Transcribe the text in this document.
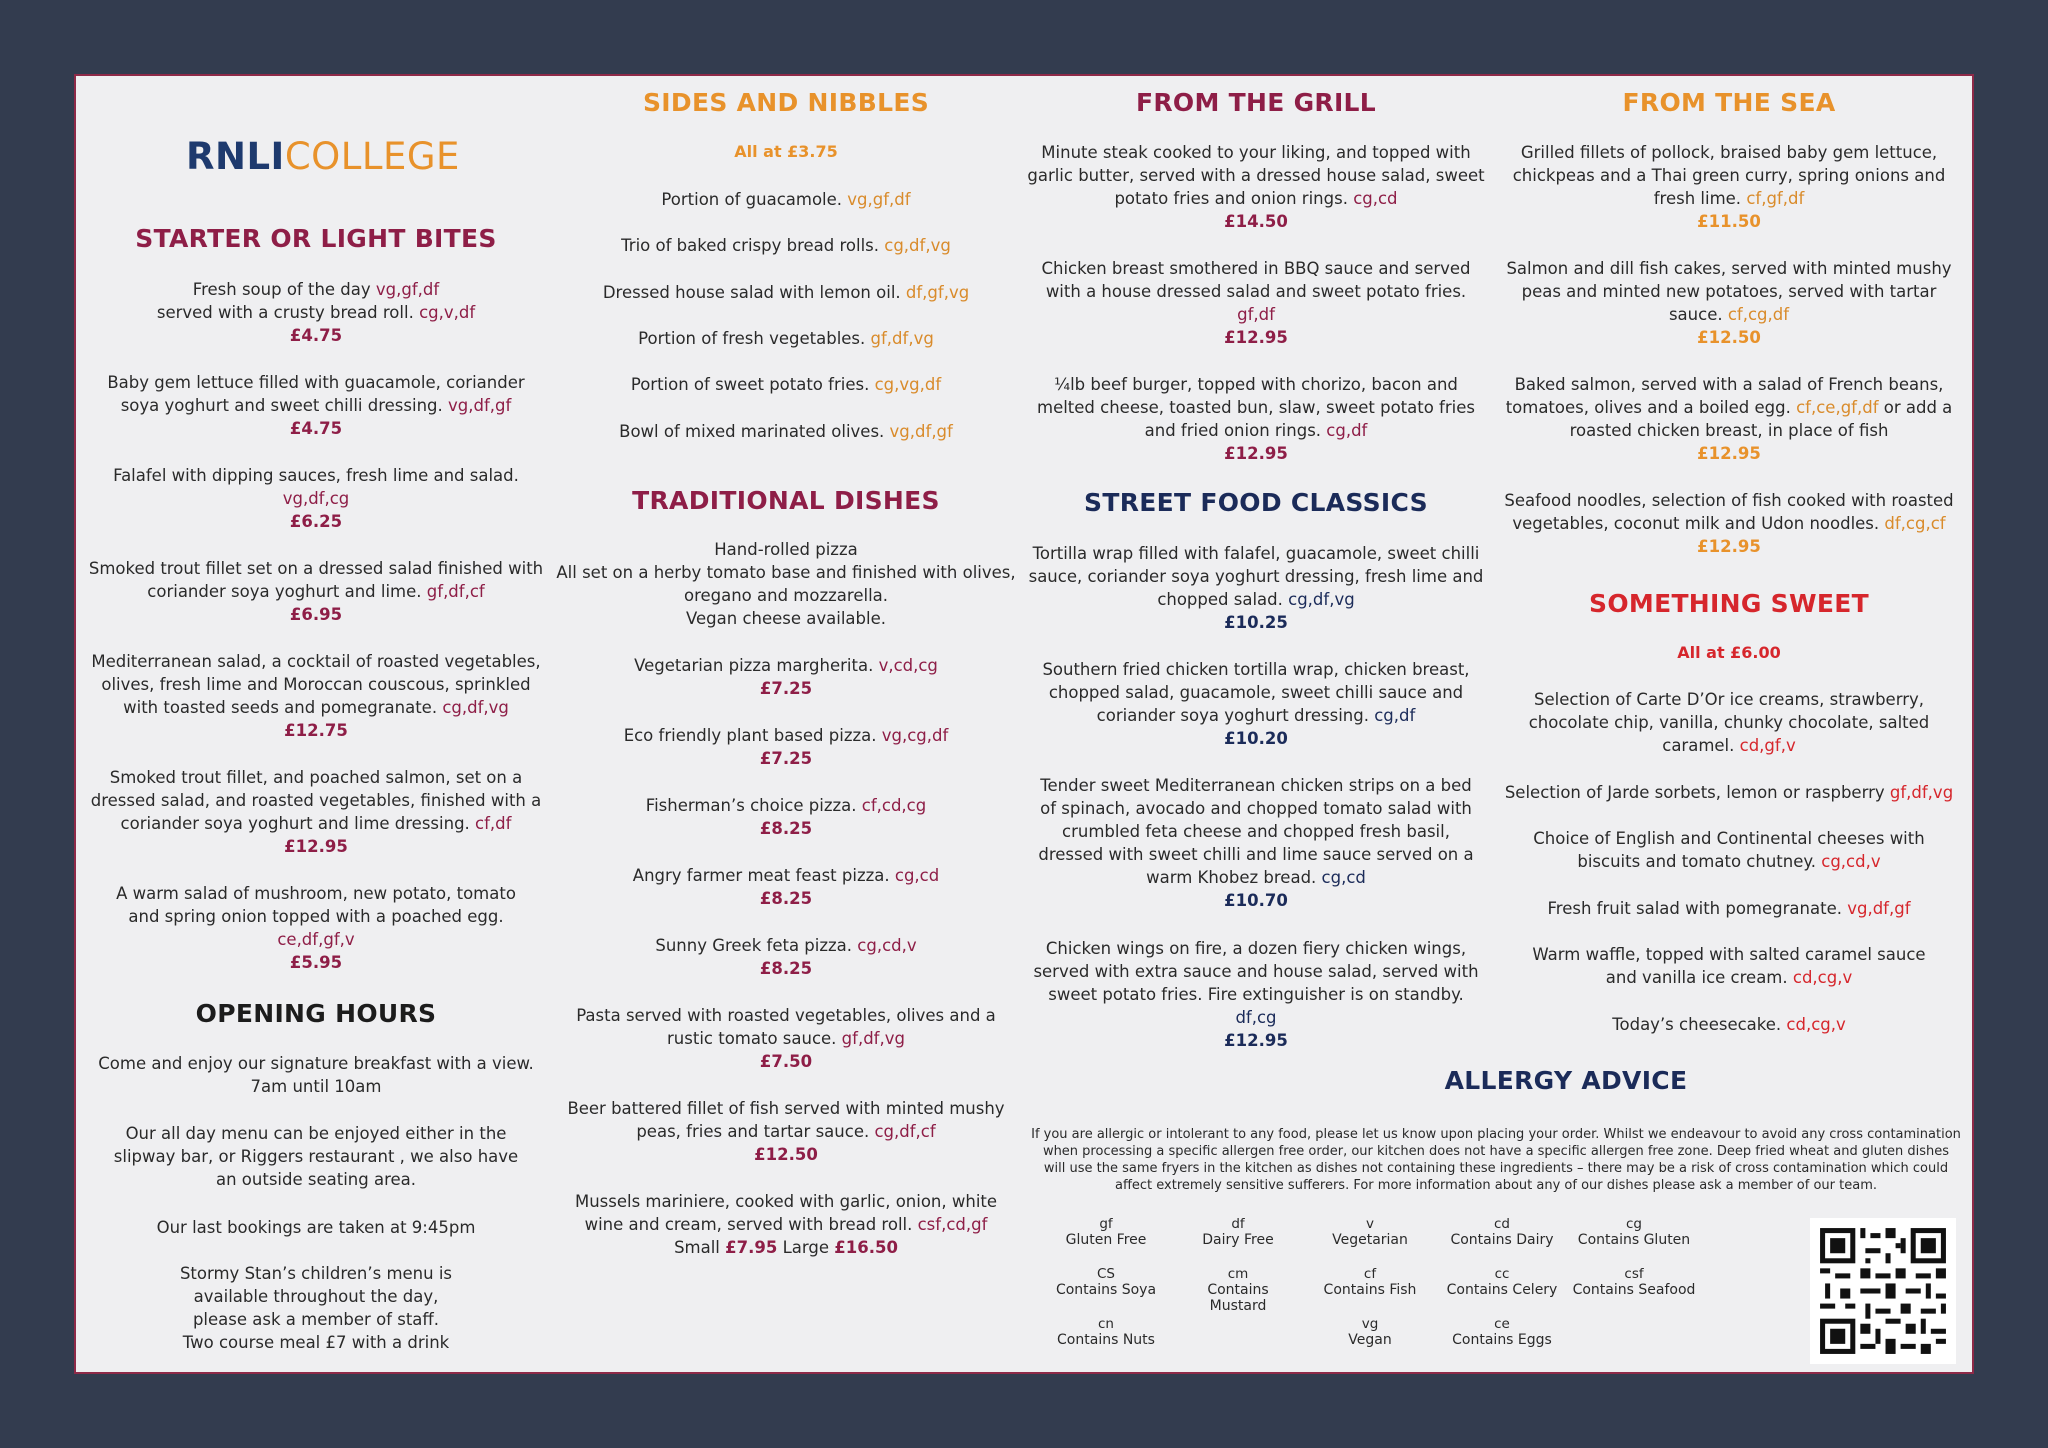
RNLICOLLEGE
STARTER OR LIGHT BITES

Fresh soup of the day vg,gf,df

served with a crusty bread roll. cg,v,df

£4.75

Baby gem lettuce filled with guacamole, coriander soya yoghurt and sweet chilli dressing. vg,df,gf

£4.75

Falafel with dipping sauces, fresh lime and salad.

vg,df,cg

£6.25

Smoked trout fillet set on a dressed salad finished with coriander soya yoghurt and lime. gf,df,cf

£6.95

Mediterranean salad, a cocktail of roasted vegetables, olives, fresh lime and Moroccan couscous, sprinkled with toasted seeds and pomegranate. cg,df,vg

£12.75

Smoked trout fillet, and poached salmon, set on a dressed salad, and roasted vegetables, finished with a coriander soya yoghurt and lime dressing. cf,df

£12.95

A warm salad of mushroom, new potato, tomato and spring onion topped with a poached egg. ce,df,gf,v

£5.95
OPENING HOURS

Come and enjoy our signature breakfast with a view.

7am until 10am

Our all day menu can be enjoyed either in the slipway bar, or Riggers restaurant , we also have an outside seating area.

Our last bookings are taken at 9:45pm

Stormy Stan’s children’s menu is

available throughout the day,

please ask a member of staff.

Two course meal £7 with a drink

SIDES AND NIBBLES
All at £3.75

Portion of guacamole. vg,gf,df

Trio of baked crispy bread rolls. cg,df,vg

Dressed house salad with lemon oil. df,gf,vg

Portion of fresh vegetables. gf,df,vg

Portion of sweet potato fries. cg,vg,df

Bowl of mixed marinated olives. vg,df,gf

TRADITIONAL DISHES

Hand-rolled pizza

All set on a herby tomato base and finished with olives,

oregano and mozzarella.

Vegan cheese available.

Vegetarian pizza margherita. v,cd,cg

£7.25

Eco friendly plant based pizza. vg,cg,df

£7.25

Fisherman’s choice pizza. cf,cd,cg

£8.25

Angry farmer meat feast pizza. cg,cd

£8.25

Sunny Greek feta pizza. cg,cd,v

£8.25

Pasta served with roasted vegetables, olives and a rustic tomato sauce. gf,df,vg

£7.50

Beer battered fillet of fish served with minted mushy peas, fries and tartar sauce. cg,df,cf

£12.50

Mussels mariniere, cooked with garlic, onion, white wine and cream, served with bread roll. csf,cd,gf

Small £7.95 Large £16.50

FROM THE GRILL

Minute steak cooked to your liking, and topped with garlic butter, served with a dressed house salad, sweet potato fries and onion rings. cg,cd

£14.50

Chicken breast smothered in BBQ sauce and served with a house dressed salad and sweet potato fries.

gf,df

£12.95

¼lb beef burger, topped with chorizo, bacon and melted cheese, toasted bun, slaw, sweet potato fries and fried onion rings. cg,df

£12.95
STREET FOOD CLASSICS

Tortilla wrap filled with falafel, guacamole, sweet chilli sauce, coriander soya yoghurt dressing, fresh lime and chopped salad. cg,df,vg

£10.25

Southern fried chicken tortilla wrap, chicken breast, chopped salad, guacamole, sweet chilli sauce and coriander soya yoghurt dressing. cg,df

£10.20

Tender sweet Mediterranean chicken strips on a bed of spinach, avocado and chopped tomato salad with crumbled feta cheese and chopped fresh basil, dressed with sweet chilli and lime sauce served on a warm Khobez bread. cg,cd

£10.70

Chicken wings on fire, a dozen fiery chicken wings, served with extra sauce and house salad, served with sweet potato fries. Fire extinguisher is on standby.

df,cg

£12.95
FROM THE SEA

Grilled fillets of pollock, braised baby gem lettuce, chickpeas and a Thai green curry, spring onions and fresh lime. cf,gf,df

£11.50

Salmon and dill fish cakes, served with minted mushy peas and minted new potatoes, served with tartar sauce. cf,cg,df

£12.50

Baked salmon, served with a salad of French beans, tomatoes, olives and a boiled egg. cf,ce,gf,df or add a roasted chicken breast, in place of fish

£12.95

Seafood noodles, selection of fish cooked with roasted vegetables, coconut milk and Udon noodles. df,cg,cf

£12.95
SOMETHING SWEET
All at £6.00

Selection of Carte D’Or ice creams, strawberry, chocolate chip, vanilla, chunky chocolate, salted caramel. cd,gf,v

Selection of Jarde sorbets, lemon or raspberry gf,df,vg

Choice of English and Continental cheeses with biscuits and tomato chutney. cg,cd,v

Fresh fruit salad with pomegranate. vg,df,gf

Warm waffle, topped with salted caramel sauce and vanilla ice cream. cd,cg,v

Today’s cheesecake. cd,cg,v

ALLERGY ADVICE
If you are allergic or intolerant to any food, please let us know upon placing your order. Whilst we endeavour to avoid any cross contamination when processing a specific allergen free order, our kitchen does not have a specific allergen free zone. Deep fried wheat and gluten dishes will use the same fryers in the kitchen as dishes not containing these ingredients – there may be a risk of cross contamination which could affect extremely sensitive sufferers. For more information about any of our dishes please ask a member of our team.
gf
Gluten Free
df
Dairy Free
v
Vegetarian
cd
Contains Dairy
cg
Contains Gluten
CS
Contains Soya
cm
Contains Mustard
cf
Contains Fish
cc
Contains Celery
csf
Contains Seafood
cn
Contains Nuts
vg
Vegan
ce
Contains Eggs
